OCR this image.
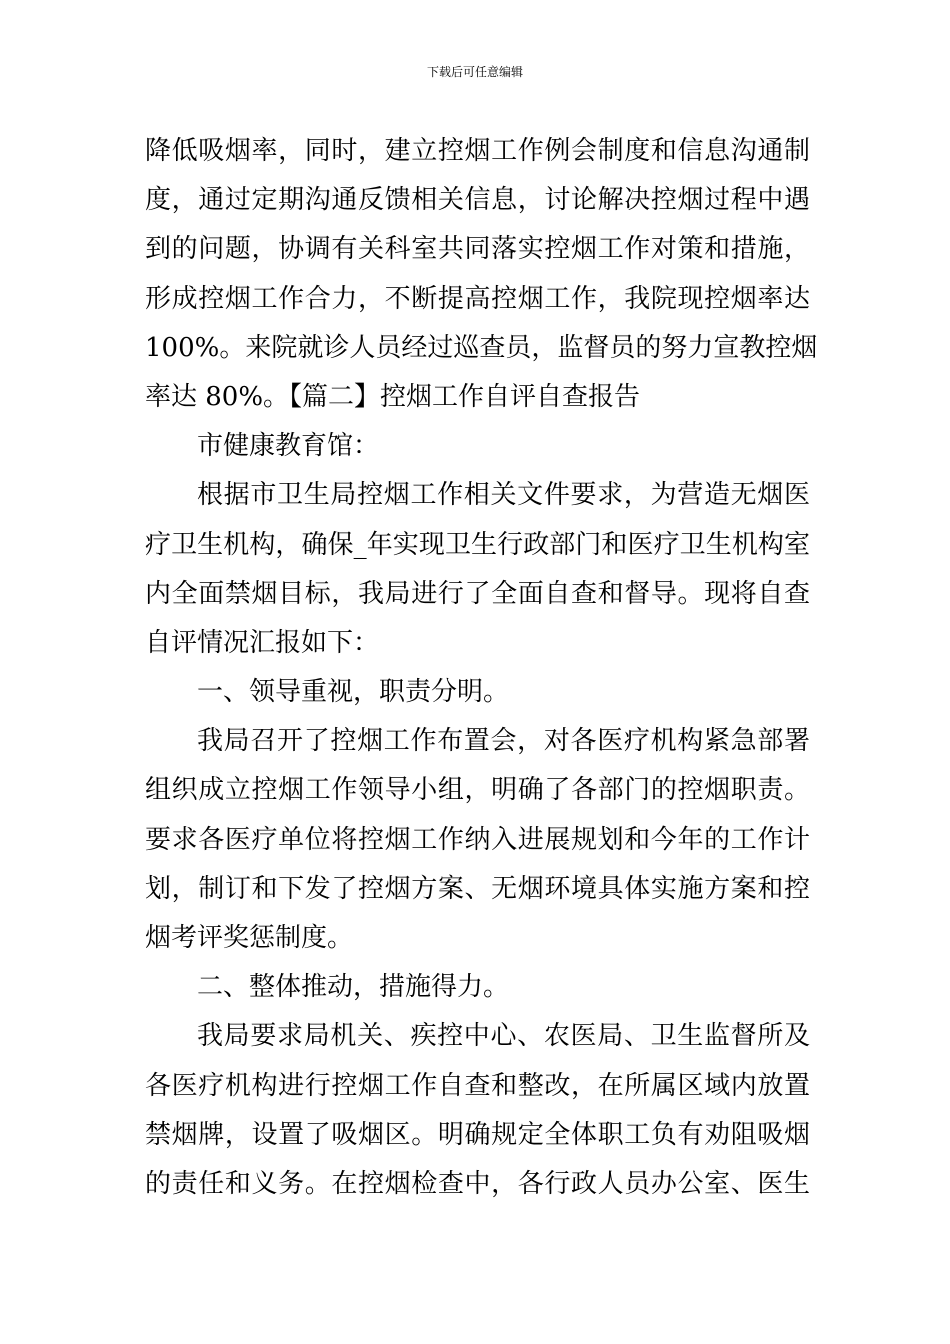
下载后可任意编辑
降低吸烟率，同时，建立控烟工作例会制度和信息沟通制
度，通过定期沟通反馈相关信息，讨论解决控烟过程中遇
到的问题，协调有关科室共同落实控烟工作对策和措施，
形成控烟工作合力，不断提高控烟工作，我院现控烟率达
100%。来院就诊人员经过巡查员，监督员的努力宣教控烟
率达 80%。【篇二】控烟工作自评自查报告
市健康教育馆：
根据市卫生局控烟工作相关文件要求，为营造无烟医
疗卫生机构，确保_年实现卫生行政部门和医疗卫生机构室
内全面禁烟目标，我局进行了全面自查和督导。现将自查
自评情况汇报如下：
一、领导重视，职责分明。
我局召开了控烟工作布置会，对各医疗机构紧急部署
组织成立控烟工作领导小组，明确了各部门的控烟职责。
要求各医疗单位将控烟工作纳入进展规划和今年的工作计
划，制订和下发了控烟方案、无烟环境具体实施方案和控
烟考评奖惩制度。
二、整体推动，措施得力。
我局要求局机关、疾控中心、农医局、卫生监督所及
各医疗机构进行控烟工作自查和整改，在所属区域内放置
禁烟牌，设置了吸烟区。明确规定全体职工负有劝阻吸烟
的责任和义务。在控烟检查中，各行政人员办公室、医生
